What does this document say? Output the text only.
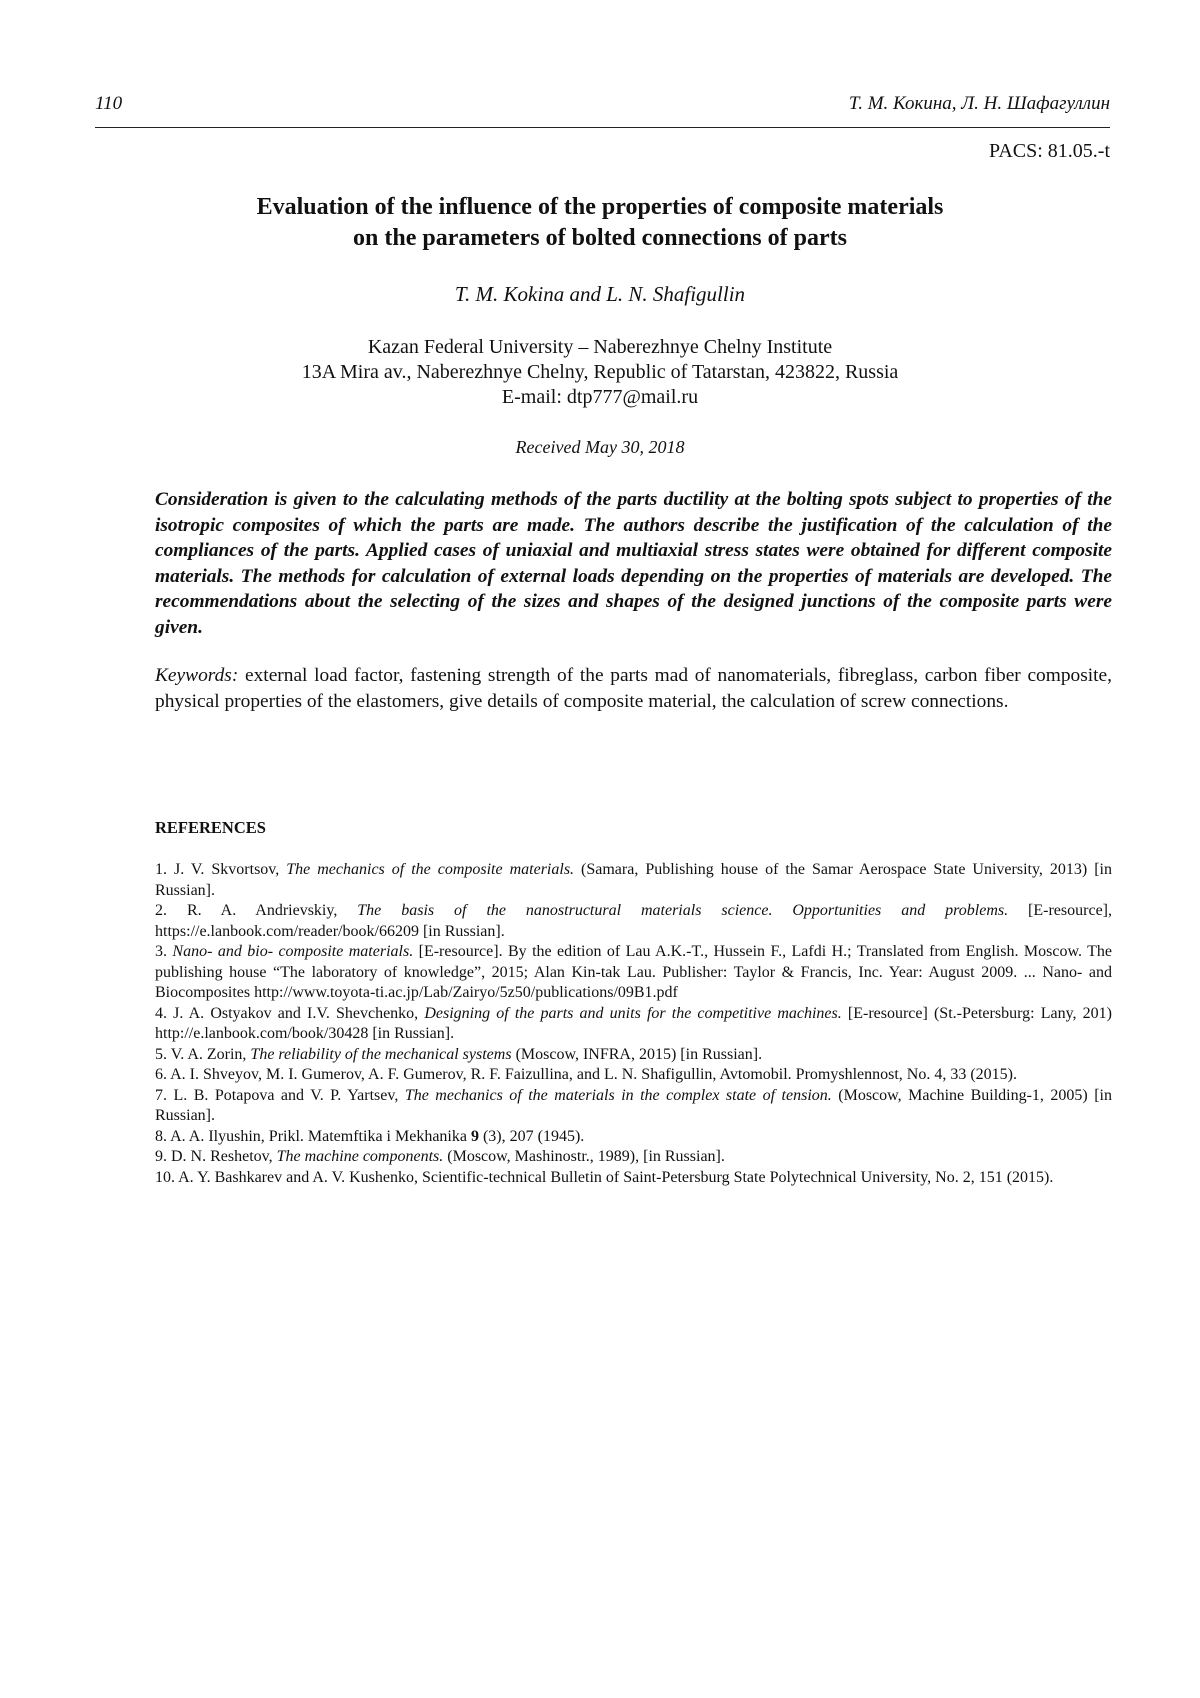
110	Т. М. Кокина, Л. Н. Шафагуллин
PACS: 81.05.-t
Evaluation of the influence of the properties of composite materials
on the parameters of bolted connections of parts
T. M. Kokina and L. N. Shafigullin
Kazan Federal University – Naberezhnye Chelny Institute
13A Mira av., Naberezhnye Chelny, Republic of Tatarstan, 423822, Russia
E-mail: dtp777@mail.ru
Received May 30, 2018
Consideration is given to the calculating methods of the parts ductility at the bolting spots subject to properties of the isotropic composites of which the parts are made. The authors describe the justifica­tion of the calculation of the compliances of the parts. Applied cases of uniaxial and multiaxial stress states were obtained for different composite materials. The methods for calculation of external loads depending on the properties of materials are developed. The recommendations about the selecting of the sizes and shapes of the designed junctions of the composite parts were given.
Keywords: external load factor, fastening strength of the parts mad of nanomaterials, fibreglass, carbon fi­ber composite, physical properties of the elastomers, give details of composite material, the calculation of screw connections.
REFERENCES

1. J. V. Skvortsov, The mechanics of the composite materials. (Samara, Publishing house of the Samar Aerospace State Universi­ty, 2013) [in Russian].

2. R. A. Andrievskiy, The basis of the nanostructural materials science. Opportunities and problems. [E-resource], https://e.lanbook.com/reader/book/66209 [in Russian].

3. Nano- and bio- composite materials. [E-resource]. By the edition of Lau A.K.-T., Hussein F., Lafdi H.; Translated from Eng­lish. Moscow. The publishing house “The laboratory of knowledge”, 2015; Alan Kin-tak Lau. Publisher: Taylor & Francis, Inc. Year: August 2009. ... Nano- and Biocomposites http://www.toyota-ti.ac.jp/Lab/Zairyo/5z50/publications/09B1.pdf

4. J. A. Ostyakov and I.V. Shevchenko, Designing of the parts and units for the competitive machines. [E-resource] (St.-Petersburg: Lany, 201) http://e.lanbook.com/book/30428 [in Russian].

5. V. A. Zorin, The reliability of the mechanical systems (Moscow, INFRA, 2015) [in Russian].

6. A. I. Shveyov, M. I. Gumerov, A. F. Gumerov, R. F. Faizullina, and L. N. Shafigullin, Avtomobil. Promyshlennost, No. 4, 33 (2015).

7. L. B. Potapova and V. P. Yartsev, The mechanics of the materials in the complex state of tension. (Moscow, Machine Building-1, 2005) [in Russian].

8. A. A. Ilyushin, Prikl. Matemftika i Mekhanika 9 (3), 207 (1945).

9. D. N. Reshetov, The machine components. (Moscow, Mashinostr., 1989), [in Russian].

10. A. Y. Bashkarev and A. V. Kushenko, Scientific-technical Bulletin of Saint-Petersburg State Polytechnical University, No. 2, 151 (2015).
